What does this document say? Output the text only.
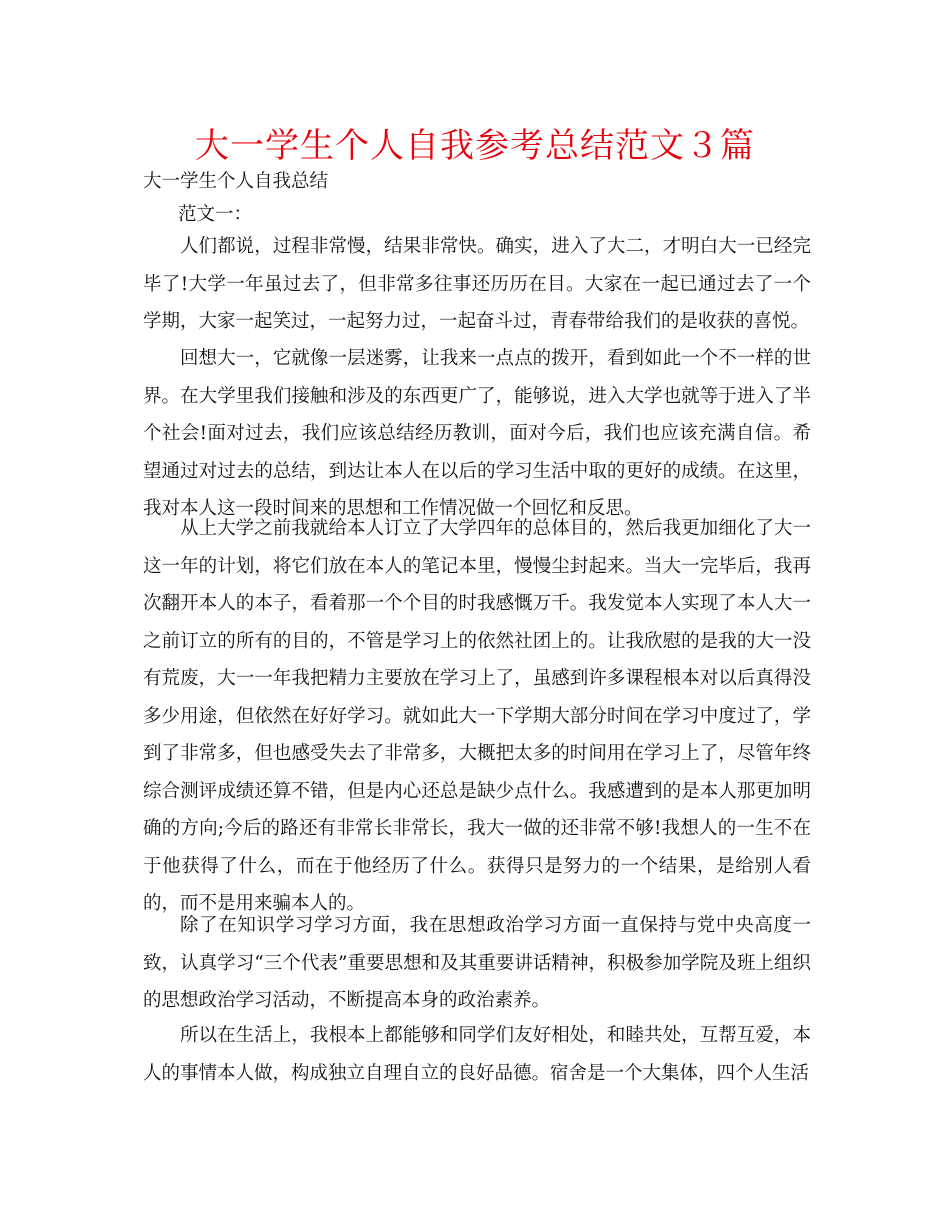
大一学生个人自我参考总结范文３篇
大一学生个人自我总结
范文一：

人们都说，过程非常慢，结果非常快。确实，进入了大二，才明白大一已经完毕了!大学一年虽过去了，但非常多往事还历历在目。大家在一起已通过去了一个学期，大家一起笑过，一起努力过，一起奋斗过，青春带给我们的是收获的喜悦。

回想大一，它就像一层迷雾，让我来一点点的拨开，看到如此一个不一样的世界。在大学里我们接触和涉及的东西更广了，能够说，进入大学也就等于进入了半个社会!面对过去，我们应该总结经历教训，面对今后，我们也应该充满自信。希望通过对过去的总结，到达让本人在以后的学习生活中取的更好的成绩。在这里，我对本人这一段时间来的思想和工作情况做一个回忆和反思。

从上大学之前我就给本人订立了大学四年的总体目的，然后我更加细化了大一这一年的计划，将它们放在本人的笔记本里，慢慢尘封起来。当大一完毕后，我再次翻开本人的本子，看着那一个个目的时我感慨万千。我发觉本人实现了本人大一之前订立的所有的目的，不管是学习上的依然社团上的。让我欣慰的是我的大一没有荒废，大一一年我把精力主要放在学习上了，虽感到许多课程根本对以后真得没多少用途，但依然在好好学习。就如此大一下学期大部分时间在学习中度过了，学到了非常多，但也感受失去了非常多，大概把太多的时间用在学习上了，尽管年终综合测评成绩还算不错，但是内心还总是缺少点什么。我感遭到的是本人那更加明确的方向;今后的路还有非常长非常长，我大一做的还非常不够!我想人的一生不在于他获得了什么，而在于他经历了什么。获得只是努力的一个结果，是给别人看的，而不是用来骗本人的。

除了在知识学习学习方面，我在思想政治学习方面一直保持与党中央高度一致，认真学习“三个代表”重要思想和及其重要讲话精神，积极参加学院及班上组织的思想政治学习活动，不断提高本身的政治素养。

所以在生活上，我根本上都能够和同学们友好相处，和睦共处，互帮互爱，本人的事情本人做，构成独立自理自立的良好品德。宿舍是一个大集体，四个人生活
